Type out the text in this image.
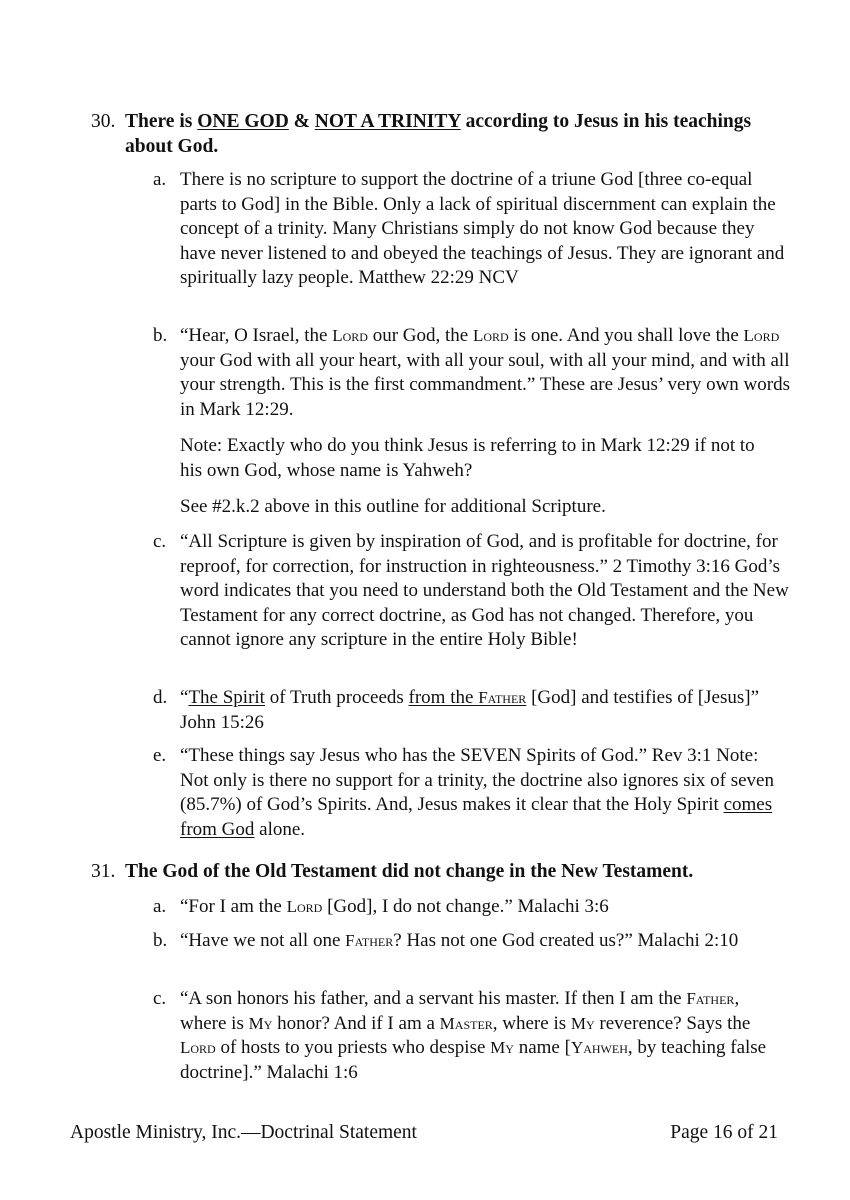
30. There is ONE GOD & NOT A TRINITY according to Jesus in his teachings about God.
a. There is no scripture to support the doctrine of a triune God [three co-equal parts to God] in the Bible. Only a lack of spiritual discernment can explain the concept of a trinity. Many Christians simply do not know God because they have never listened to and obeyed the teachings of Jesus. They are ignorant and spiritually lazy people. Matthew 22:29 NCV
b. “Hear, O Israel, the Lord our God, the Lord is one. And you shall love the Lord your God with all your heart, with all your soul, with all your mind, and with all your strength. This is the first commandment.” These are Jesus’ very own words in Mark 12:29.
Note: Exactly who do you think Jesus is referring to in Mark 12:29 if not to his own God, whose name is Yahweh?
See #2.k.2 above in this outline for additional Scripture.
c. “All Scripture is given by inspiration of God, and is profitable for doctrine, for reproof, for correction, for instruction in righteousness.” 2 Timothy 3:16 God’s word indicates that you need to understand both the Old Testament and the New Testament for any correct doctrine, as God has not changed. Therefore, you cannot ignore any scripture in the entire Holy Bible!
d. “The Spirit of Truth proceeds from the Father [God] and testifies of [Jesus]” John 15:26
e. “These things say Jesus who has the SEVEN Spirits of God.” Rev 3:1 Note: Not only is there no support for a trinity, the doctrine also ignores six of seven (85.7%) of God’s Spirits. And, Jesus makes it clear that the Holy Spirit comes from God alone.
31. The God of the Old Testament did not change in the New Testament.
a. “For I am the Lord [God], I do not change.” Malachi 3:6
b. “Have we not all one Father? Has not one God created us?” Malachi 2:10
c. “A son honors his father, and a servant his master. If then I am the Father, where is My honor? And if I am a Master, where is My reverence? Says the Lord of hosts to you priests who despise My name [Yahweh, by teaching false doctrine].” Malachi 1:6
Apostle Ministry, Inc.—Doctrinal Statement	Page 16 of 21
